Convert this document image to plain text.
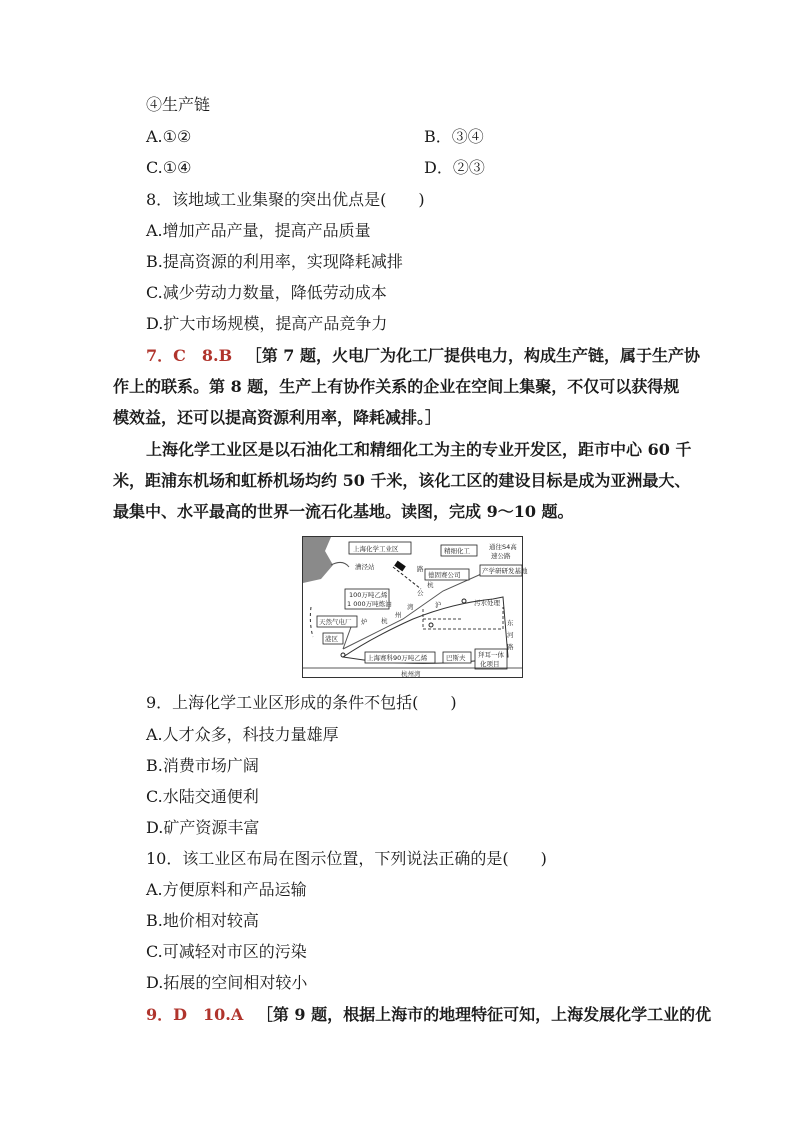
④生产链
A.①②	B．③④
C.①④	D．②③
8．该地域工业集聚的突出优点是(　　)
A.增加产品产量，提高产品质量
B.提高资源的利用率，实现降耗减排
C.减少劳动力数量，降低劳动成本
D.扩大市场规模，提高产品竞争力
7．C　8.B ［第 7 题，火电厂为化工厂提供电力，构成生产链，属于生产协
作上的联系。第 8 题，生产上有协作关系的企业在空间上集聚，不仅可以获得规
模效益，还可以提高资源利用率，降耗减排。］
上海化学工业区是以石油化工和精细化工为主的专业开发区，距市中心 60 千
米，距浦东机场和虹桥机场均约 50 千米，该化工区的建设目标是成为亚洲最大、
最集中、水平最高的世界一流石化基地。读图，完成 9～10 题。
上海化学工业区	精细化工	通往S4高
速公路
漕泾站
德固赛公司	产学研研发基地
100万吨乙烯
1 000万吨炼油
路
公
杭
湾
州
杭
沪	污水处理
天然气电厂 炉
港区
东
河
路
上海赛科90万吨乙烯	巴斯夫 拜耳一体
化项目
杭州湾
9．上海化学工业区形成的条件不包括(　　)
A.人才众多，科技力量雄厚
B.消费市场广阔
C.水陆交通便利
D.矿产资源丰富
10．该工业区布局在图示位置，下列说法正确的是(　　)
A.方便原料和产品运输
B.地价相对较高
C.可减轻对市区的污染
D.拓展的空间相对较小
9．D　10.A ［第 9 题，根据上海市的地理特征可知，上海发展化学工业的优
